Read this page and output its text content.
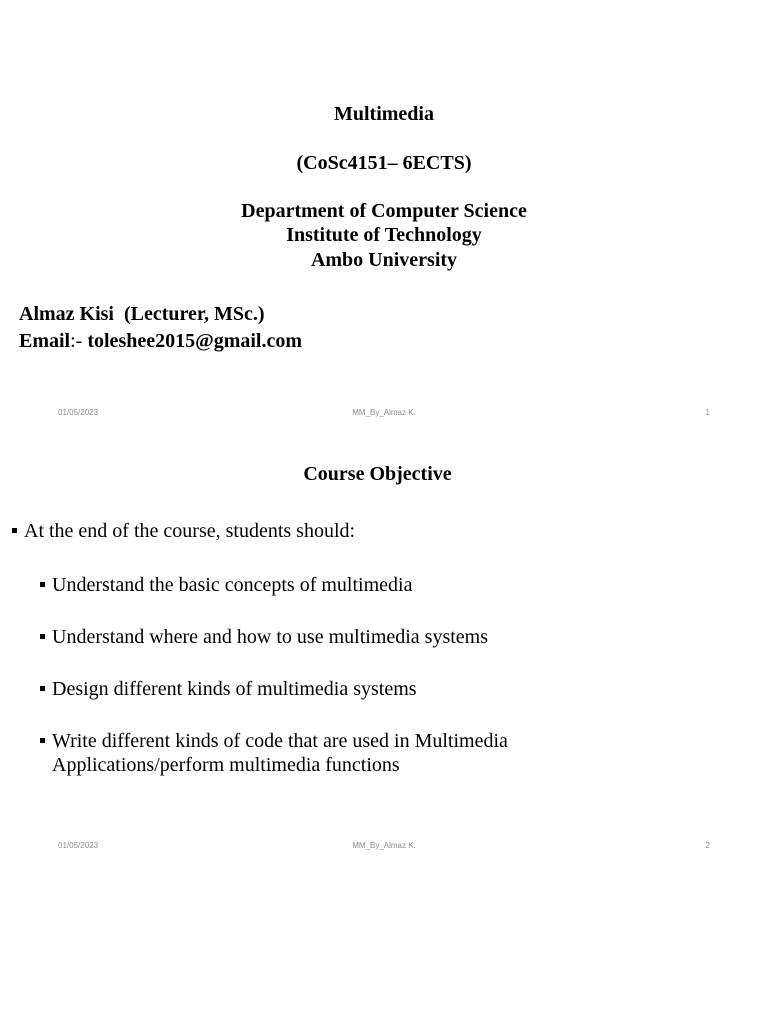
Multimedia
(CoSc4151– 6ECTS)
Department of Computer Science
Institute of Technology
Ambo University
Almaz Kisi  (Lecturer, MSc.)
Email:- toleshee2015@gmail.com
01/05/2023	MM_By_Almaz K.	1
Course Objective
At the end of the course, students should:
Understand the basic concepts of multimedia
Understand where and how to use multimedia systems
Design different kinds of multimedia systems
Write different kinds of code that are used in Multimedia
Applications/perform multimedia functions
01/05/2023	MM_By_Almaz K.	2
